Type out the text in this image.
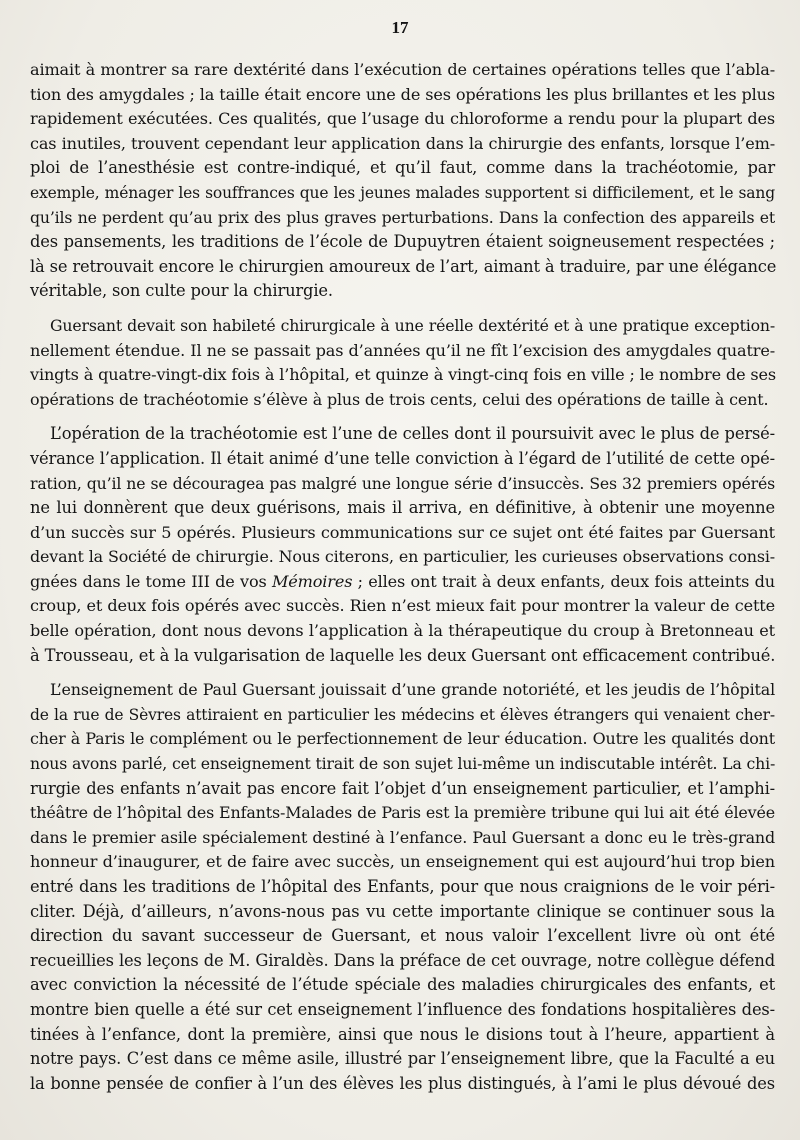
17
aimait à montrer sa rare dextérité dans l’exécution de certaines opérations telles que l’abla-
tion des amygdales ; la taille était encore une de ses opérations les plus brillantes et les plus
rapidement exécutées. Ces qualités, que l’usage du chloroforme a rendu pour la plupart des
cas inutiles, trouvent cependant leur application dans la chirurgie des enfants, lorsque l’em-
ploi de l’anesthésie est contre-indiqué, et qu’il faut, comme dans la trachéotomie, par
exemple, ménager les souffrances que les jeunes malades supportent si difficilement, et le sang
qu’ils ne perdent qu’au prix des plus graves perturbations. Dans la confection des appareils et
des pansements, les traditions de l’école de Dupuytren étaient soigneusement respectées ;
là se retrouvait encore le chirurgien amoureux de l’art, aimant à traduire, par une élégance
véritable, son culte pour la chirurgie.
Guersant devait son habileté chirurgicale à une réelle dextérité et à une pratique exception-
nellement étendue. Il ne se passait pas d’années qu’il ne fît l’excision des amygdales quatre-
vingts à quatre-vingt-dix fois à l’hôpital, et quinze à vingt-cinq fois en ville ; le nombre de ses
opérations de trachéotomie s’élève à plus de trois cents, celui des opérations de taille à cent.
L’opération de la trachéotomie est l’une de celles dont il poursuivit avec le plus de persé-
vérance l’application. Il était animé d’une telle conviction à l’égard de l’utilité de cette opé-
ration, qu’il ne se découragea pas malgré une longue série d’insuccès. Ses 32 premiers opérés
ne lui donnèrent que deux guérisons, mais il arriva, en définitive, à obtenir une moyenne
d’un succès sur 5 opérés. Plusieurs communications sur ce sujet ont été faites par Guersant
devant la Société de chirurgie. Nous citerons, en particulier, les curieuses observations consi-
gnées dans le tome III de vos Mémoires ; elles ont trait à deux enfants, deux fois atteints du
croup, et deux fois opérés avec succès. Rien n’est mieux fait pour montrer la valeur de cette
belle opération, dont nous devons l’application à la thérapeutique du croup à Bretonneau et
à Trousseau, et à la vulgarisation de laquelle les deux Guersant ont efficacement contribué.
L’enseignement de Paul Guersant jouissait d’une grande notoriété, et les jeudis de l’hôpital
de la rue de Sèvres attiraient en particulier les médecins et élèves étrangers qui venaient cher-
cher à Paris le complément ou le perfectionnement de leur éducation. Outre les qualités dont
nous avons parlé, cet enseignement tirait de son sujet lui-même un indiscutable intérêt. La chi-
rurgie des enfants n’avait pas encore fait l’objet d’un enseignement particulier, et l’amphi-
théâtre de l’hôpital des Enfants-Malades de Paris est la première tribune qui lui ait été élevée
dans le premier asile spécialement destiné à l’enfance. Paul Guersant a donc eu le très-grand
honneur d’inaugurer, et de faire avec succès, un enseignement qui est aujourd’hui trop bien
entré dans les traditions de l’hôpital des Enfants, pour que nous craignions de le voir péri-
cliter. Déjà, d’ailleurs, n’avons-nous pas vu cette importante clinique se continuer sous la
direction du savant successeur de Guersant, et nous valoir l’excellent livre où ont été
recueillies les leçons de M. Giraldès. Dans la préface de cet ouvrage, notre collègue défend
avec conviction la nécessité de l’étude spéciale des maladies chirurgicales des enfants, et
montre bien quelle a été sur cet enseignement l’influence des fondations hospitalières des-
tinées à l’enfance, dont la première, ainsi que nous le disions tout à l’heure, appartient à
notre pays. C’est dans ce même asile, illustré par l’enseignement libre, que la Faculté a eu
la bonne pensée de confier à l’un des élèves les plus distingués, à l’ami le plus dévoué des
